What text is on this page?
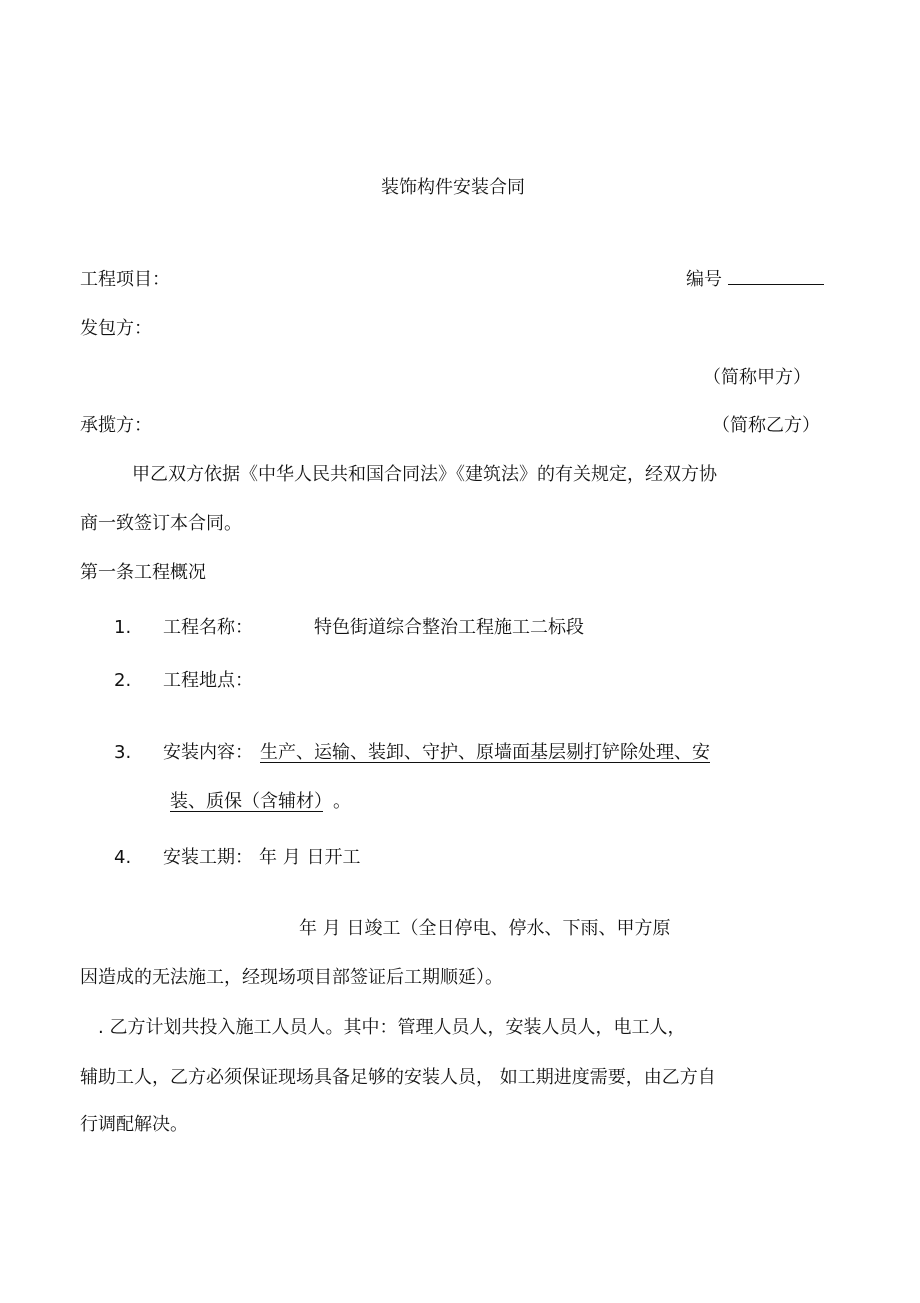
装饰构件安装合同
工程项目：	编号
发包方：
（简称甲方）
承揽方：	（简称乙方）
甲乙双方依据《中华人民共和国合同法》《建筑法》的有关规定，经双方协
商一致签订本合同。
第一条工程概况
1. 工程名称：	特色街道综合整治工程施工二标段
2. 工程地点：
3. 安装内容： 生产、运输、装卸、守护、原墙面基层剔打铲除处理、安
装、质保（含辅材） 。
4. 安装工期： 年 月 日开工
年 月 日竣工（全日停电、停水、下雨、甲方原
因造成的无法施工，经现场项目部签证后工期顺延）。
. 乙方计划共投入施工人员人。其中：管理人员人，安装人员人，电工人，
辅助工人，乙方必须保证现场具备足够的安装人员， 如工期进度需要，由乙方自
行调配解决。
